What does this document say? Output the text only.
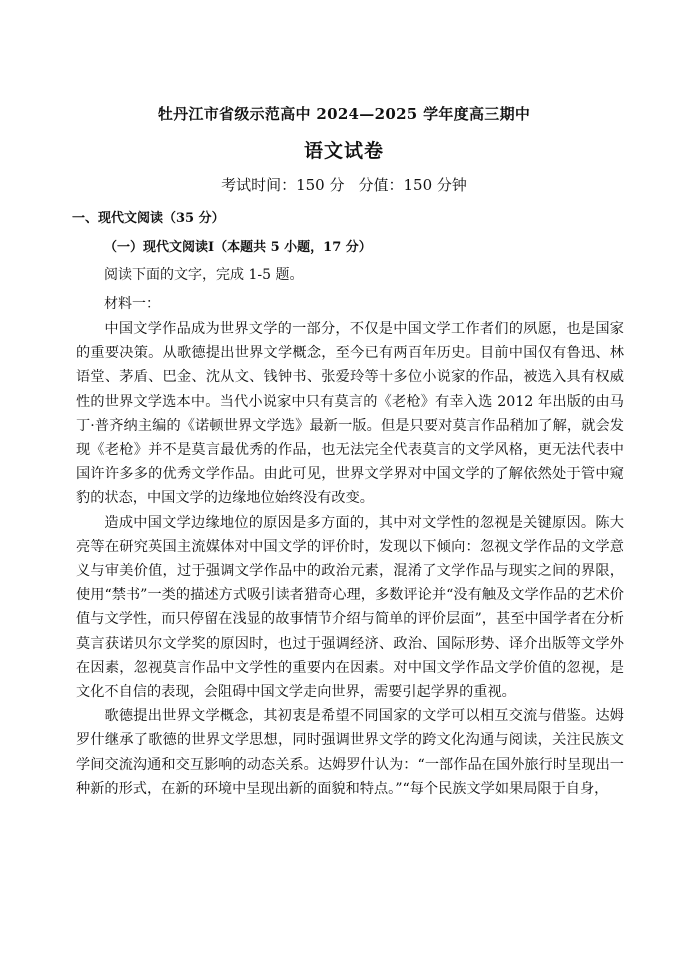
牡丹江市省级示范高中 2024—2025 学年度高三期中
语文试卷
考试时间：150 分 分值：150 分钟
一、现代文阅读（35 分）
（一）现代文阅读Ⅰ（本题共 5 小题，17 分）
阅读下面的文字，完成 1-5 题。
材料一：

中国文学作品成为世界文学的一部分，不仅是中国文学工作者们的夙愿，也是国家的重要决策。从歌德提出世界文学概念，至今已有两百年历史。目前中国仅有鲁迅、林语堂、茅盾、巴金、沈从文、钱钟书、张爱玲等十多位小说家的作品，被选入具有权威性的世界文学选本中。当代小说家中只有莫言的《老枪》有幸入选 2012 年出版的由马丁·普齐纳主编的《诺顿世界文学选》最新一版。但是只要对莫言作品稍加了解，就会发现《老枪》并不是莫言最优秀的作品，也无法完全代表莫言的文学风格，更无法代表中国许许多多的优秀文学作品。由此可见，世界文学界对中国文学的了解依然处于管中窥豹的状态，中国文学的边缘地位始终没有改变。

造成中国文学边缘地位的原因是多方面的，其中对文学性的忽视是关键原因。陈大亮等在研究英国主流媒体对中国文学的评价时，发现以下倾向：忽视文学作品的文学意义与审美价值，过于强调文学作品中的政治元素，混淆了文学作品与现实之间的界限，使用“禁书”一类的描述方式吸引读者猎奇心理，多数评论并“没有触及文学作品的艺术价值与文学性，而只停留在浅显的故事情节介绍与简单的评价层面”，甚至中国学者在分析莫言获诺贝尔文学奖的原因时，也过于强调经济、政治、国际形势、译介出版等文学外在因素，忽视莫言作品中文学性的重要内在因素。对中国文学作品文学价值的忽视，是文化不自信的表现，会阻碍中国文学走向世界，需要引起学界的重视。

歌德提出世界文学概念，其初衷是希望不同国家的文学可以相互交流与借鉴。达姆罗什继承了歌德的世界文学思想，同时强调世界文学的跨文化沟通与阅读，关注民族文学间交流沟通和交互影响的动态关系。达姆罗什认为：“一部作品在国外旅行时呈现出一种新的形式，在新的环境中呈现出新的面貌和特点。”“每个民族文学如果局限于自身，
